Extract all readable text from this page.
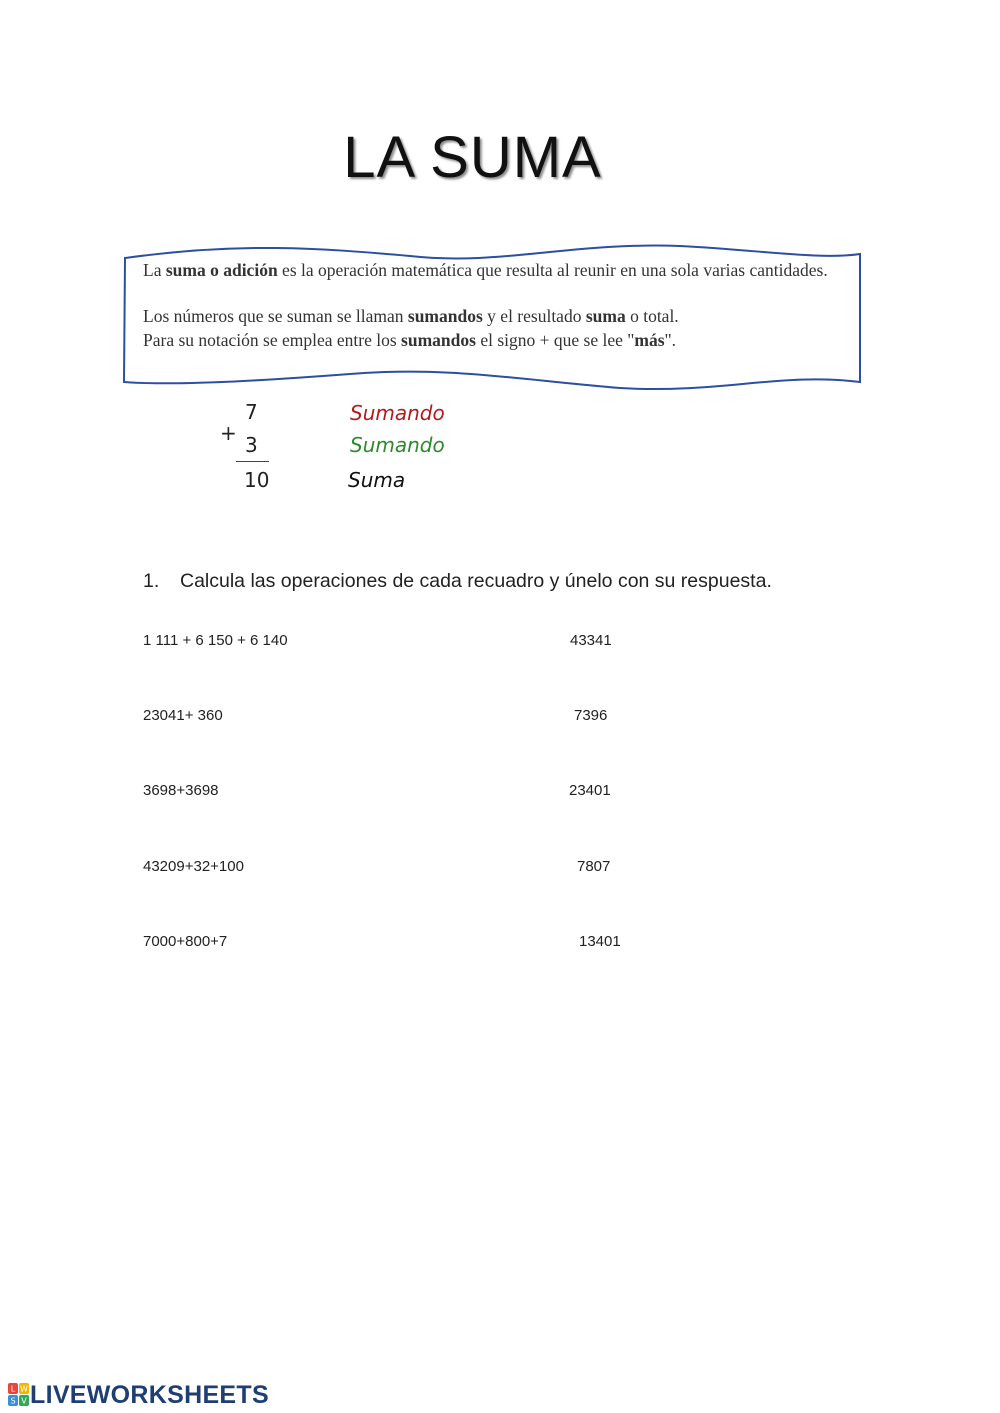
LA SUMA

La suma o adición es la operación matemática que resulta al reunir en una sola varias cantidades.

Los números que se suman se llaman sumandos y el resultado suma o total.

Para su notación se emplea entre los sumandos el signo + que se lee "más".

7
+ 3
10
Sumando
Sumando
Suma
1. Calcula las operaciones de cada recuadro y únelo con su respuesta.
1 111 + 6 150 + 6 140
23041+ 360
3698+3698
43209+32+100
7000+800+7
43341
7396
23401
7807
13401
L W
S V LIVEWORKSHEETS
